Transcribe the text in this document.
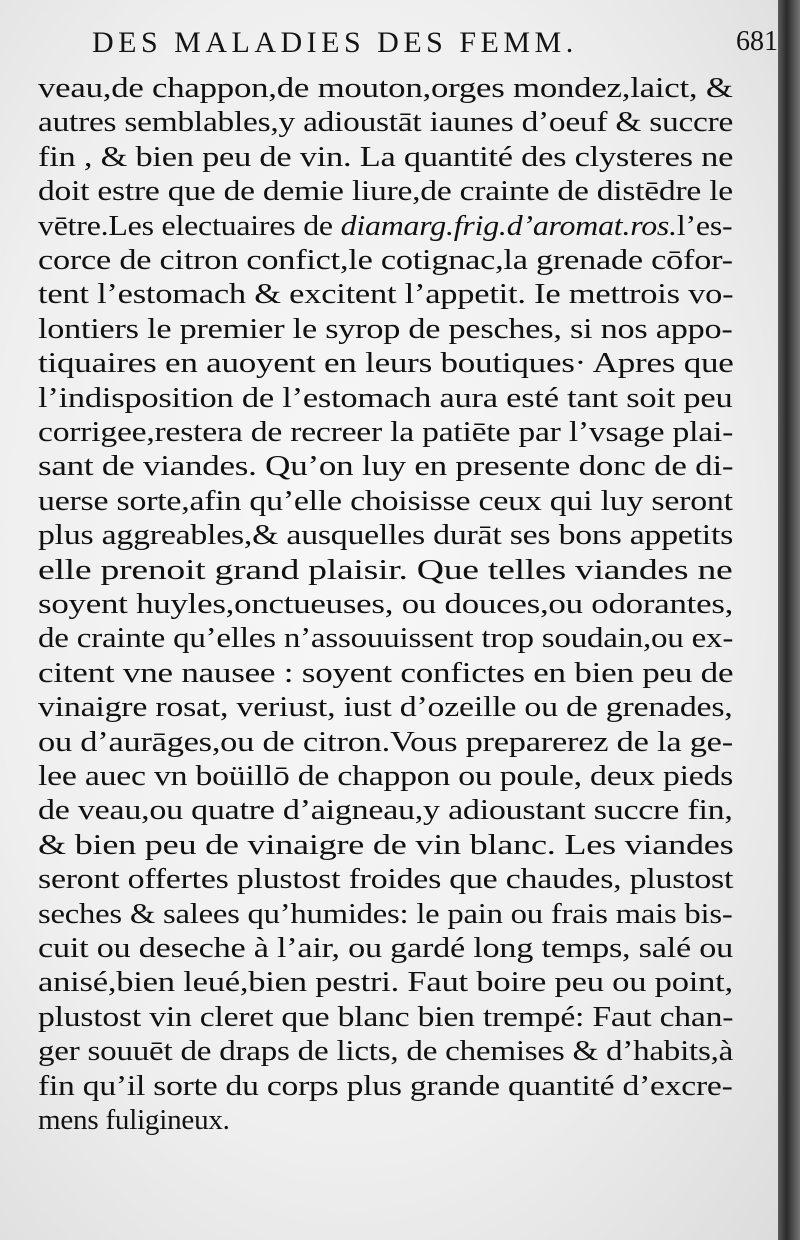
DES MALADIES DES FEMM.	681
veau,de chappon,de mouton,orges mondez,laict, &
autres semblables,y adioustāt iaunes d’oeuf & succre
fin , & bien peu de vin. La quantité des clysteres ne
doit estre que de demie liure,de crainte de distēdre le
vētre.Les electuaires de diamarg.frig.d’aromat.ros.l’es-
corce de citron confict,le cotignac,la grenade cōfor-
tent l’estomach & excitent l’appetit. Ie mettrois vo-
lontiers le premier le syrop de pesches, si nos appo-
tiquaires en auoyent en leurs boutiques· Apres que
l’indisposition de l’estomach aura esté tant soit peu
corrigee,restera de recreer la patiēte par l’vsage plai-
sant de viandes. Qu’on luy en presente donc de di-
uerse sorte,afin qu’elle choisisse ceux qui luy seront
plus aggreables,& ausquelles durāt ses bons appetits
elle prenoit grand plaisir. Que telles viandes ne
soyent huyles,onctueuses, ou douces,ou odorantes,
de crainte qu’elles n’assouuissent trop soudain,ou ex-
citent vne nausee : soyent confictes en bien peu de
vinaigre rosat, veriust, iust d’ozeille ou de grenades,
ou d’aurāges,ou de citron.Vous preparerez de la ge-
lee auec vn boüillō de chappon ou poule, deux pieds
de veau,ou quatre d’aigneau,y adioustant succre fin,
& bien peu de vinaigre de vin blanc. Les viandes
seront offertes plustost froides que chaudes, plustost
seches & salees qu’humides: le pain ou frais mais bis-
cuit ou deseche à l’air, ou gardé long temps, salé ou
anisé,bien leué,bien pestri. Faut boire peu ou point,
plustost vin cleret que blanc bien trempé: Faut chan-
ger souuēt de draps de licts, de chemises & d’habits,à
fin qu’il sorte du corps plus grande quantité d’excre-
mens fuligineux.
